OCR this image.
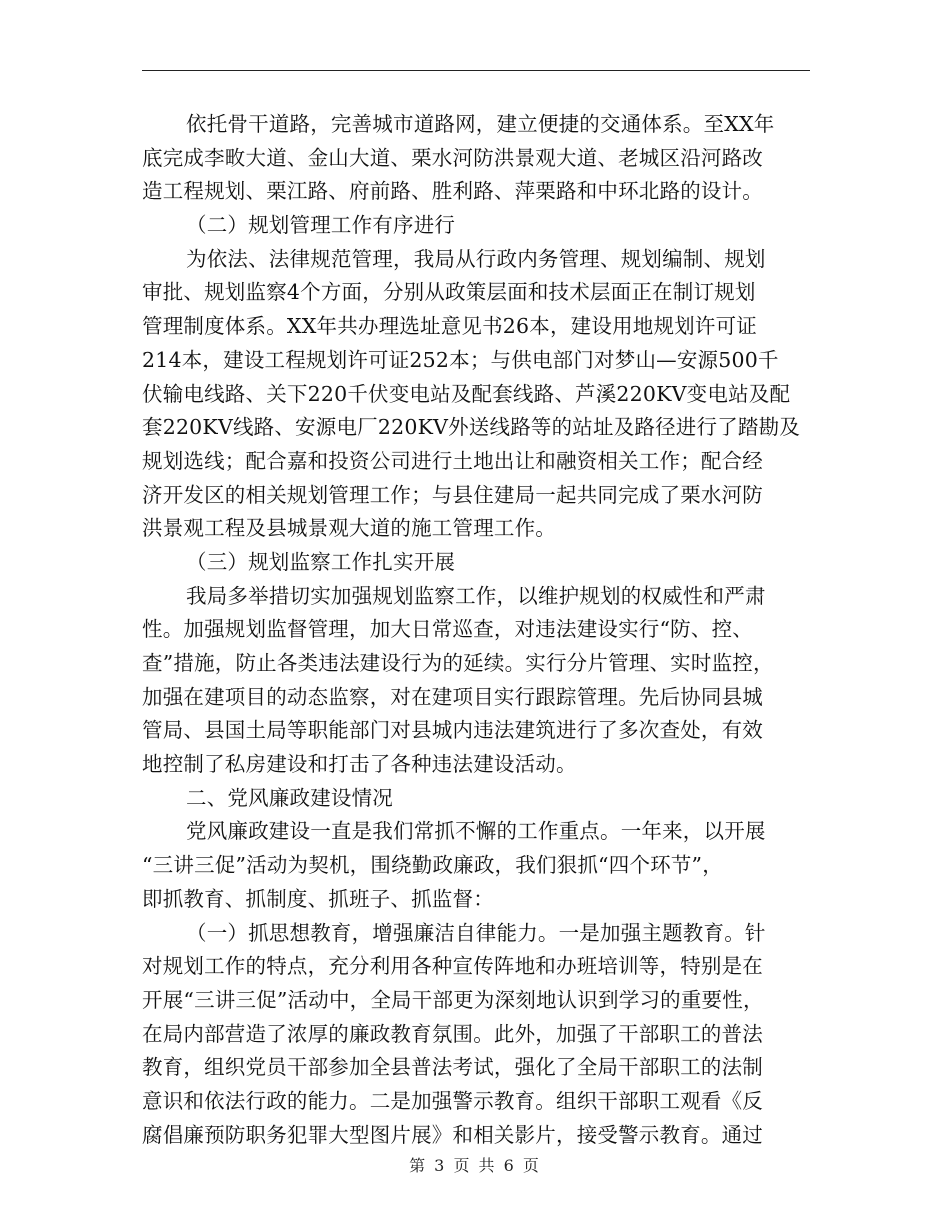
依托骨干道路，完善城市道路网，建立便捷的交通体系。至XX年
底完成李畋大道、金山大道、栗水河防洪景观大道、老城区沿河路改
造工程规划、栗江路、府前路、胜利路、萍栗路和中环北路的设计。
（二）规划管理工作有序进行
为依法、法律规范管理，我局从行政内务管理、规划编制、规划
审批、规划监察4个方面，分别从政策层面和技术层面正在制订规划
管理制度体系。XX年共办理选址意见书26本，建设用地规划许可证
214本，建设工程规划许可证252本；与供电部门对梦山—安源500千
伏输电线路、关下220千伏变电站及配套线路、芦溪220KV变电站及配
套220KV线路、安源电厂220KV外送线路等的站址及路径进行了踏勘及
规划选线；配合嘉和投资公司进行土地出让和融资相关工作；配合经
济开发区的相关规划管理工作；与县住建局一起共同完成了栗水河防
洪景观工程及县城景观大道的施工管理工作。
（三）规划监察工作扎实开展
我局多举措切实加强规划监察工作，以维护规划的权威性和严肃
性。加强规划监督管理，加大日常巡查，对违法建设实行“防、控、
查”措施，防止各类违法建设行为的延续。实行分片管理、实时监控，
加强在建项目的动态监察，对在建项目实行跟踪管理。先后协同县城
管局、县国土局等职能部门对县城内违法建筑进行了多次查处，有效
地控制了私房建设和打击了各种违法建设活动。
二、党风廉政建设情况
党风廉政建设一直是我们常抓不懈的工作重点。一年来，以开展
“三讲三促”活动为契机，围绕勤政廉政，我们狠抓“四个环节”，
即抓教育、抓制度、抓班子、抓监督：
（一）抓思想教育，增强廉洁自律能力。一是加强主题教育。针
对规划工作的特点，充分利用各种宣传阵地和办班培训等，特别是在
开展“三讲三促”活动中，全局干部更为深刻地认识到学习的重要性，
在局内部营造了浓厚的廉政教育氛围。此外，加强了干部职工的普法
教育，组织党员干部参加全县普法考试，强化了全局干部职工的法制
意识和依法行政的能力。二是加强警示教育。组织干部职工观看《反
腐倡廉预防职务犯罪大型图片展》和相关影片，接受警示教育。通过
第 3 页 共 6 页
